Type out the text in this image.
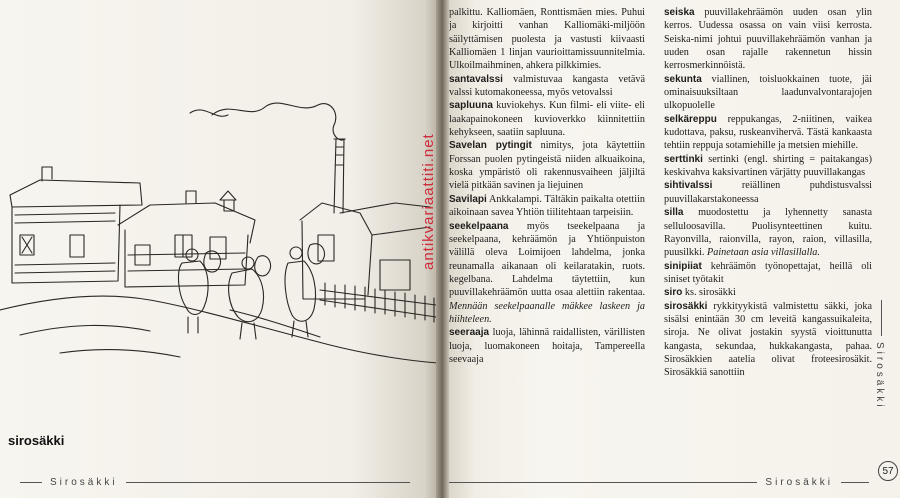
sirosäkki
Sirosäkki

palkittu. Kalliomäen, Ronttismäen mies. Puhui ja kirjoitti vanhan Kalliomäki-miljöön säilyttämisen puolesta ja vastusti kiivaasti Kalliomäen 1 linjan vaurioittamissuunnitelmia. Ulkoilmaihminen, ahkera pilkkimies.

santavalssi valmistuvaa kangasta vetävä valssi kutomakoneessa, myös vetovalssi

sapluuna kuviokehys. Kun filmi- eli viite- eli laakapainokoneen kuvioverkko kiinnitettiin kehykseen, saatiin sapluuna.

Savelan pytingit nimitys, jota käytettiin Forssan puolen pytingeistä niiden alkuaikoina, koska ympäristö oli rakennusvaiheen jäljiltä vielä pitkään savinen ja liejuinen

Savilapi Ankkalampi. Tältäkin paikalta otettiin aikoinaan savea Yhtiön tiilitehtaan tarpeisiin.

seekelpaana myös tseekelpaana ja seekelpaana, kehräämön ja Yhtiönpuiston välillä oleva Loimijoen lahdelma, jonka reunamalla aikanaan oli keilaratakin, ruots. kegelbana. Lahdelma täytettiin, kun puuvillakehräämön uutta osaa alettiin rakentaa. Mennään seekelpaanalle mäkkee laskeen ja hiihteleen.

seeraaja luoja, lähinnä raidallisten, värillisten luoja, luomakoneen hoitaja, Tampereella seevaaja

seiska puuvillakehräämön uuden osan ylin kerros. Uudessa osassa on vain viisi kerrosta. Seiska-nimi johtui puuvillakehräämön vanhan ja uuden osan rajalle rakennetun hissin kerrosmerkinnöistä.

sekunta viallinen, toisluokkainen tuote, jäi ominaisuuksiltaan laadunvalvontarajojen ulkopuolelle

selkäreppu reppukangas, 2-niitinen, vaikea kudottava, paksu, ruskeanvihervä. Tästä kankaasta tehtiin reppuja sotamiehille ja metsien miehille.

serttinki sertinki (engl. shirting = paitakangas) keskivahva kaksivartinen värjätty puuvillakangas

sihtivalssi reiällinen puhdistusvalssi puuvillakarstakoneessa

silla muodostettu ja lyhennetty sanasta selluloosavilla. Puolisynteettinen kuitu. Rayonvilla, raionvilla, rayon, raion, villasilla, puusilkki. Painetaan asia villasillalla.

sinipiiat kehräämön työnopettajat, heillä oli siniset työtakit

siro ks. sirosäkki

sirosäkki rykkityykistä valmistettu säkki, joka sisälsi enintään 30 cm leveitä kangassuikaleita, siroja. Ne olivat jostakin syystä vioittunutta kangasta, sekundaa, hukkakangasta, pahaa. Sirosäkkien aatelia olivat froteesirosäkit. Sirosäkkiä sanottiin	Sirosäkki
Sirosäkki
57
antikvariaattiti.net
